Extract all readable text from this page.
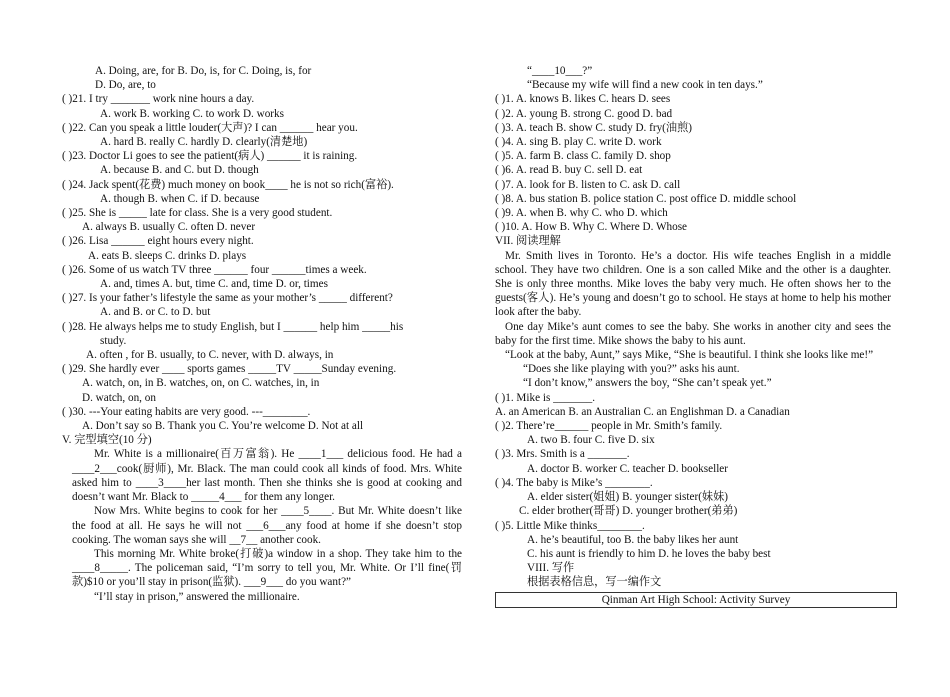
A. Doing, are, for B. Do, is, for C. Doing, is, for
D. Do, are, to
( )21. I try _______ work nine hours a day.
A. work B. working C. to work D. works
( )22. Can you speak a little louder(大声)? I can ______ hear you.
A. hard B. really C. hardly D. clearly(清楚地)
( )23. Doctor Li goes to see the patient(病人) ______ it is raining.
A. because B. and C. but D. though
( )24. Jack spent(花费) much money on book____ he is not so rich(富裕).
A. though B. when C. if D. because
( )25. She is _____ late for class. She is a very good student.
A. always B. usually C. often D. never
( )26. Lisa ______ eight hours every night.
A. eats B. sleeps C. drinks D. plays
( )26. Some of us watch TV three ______ four ______times a week.
A. and, times A. but, time C. and, time D. or, times
( )27. Is your father’s lifestyle the same as your mother’s _____ different?
A. and B. or C. to D. but
( )28. He always helps me to study English, but I ______ help him _____his
study.
A. often , for B. usually, to C. never, with D. always, in
( )29. She hardly ever ____ sports games _____TV _____Sunday evening.
A. watch, on, in B. watches, on, on C. watches, in, in
D. watch, on, on
( )30. ---Your eating habits are very good. ---________.
A. Don’t say so B. Thank you C. You’re welcome D. Not at all
V. 完型填空(10 分)
Mr. White is a millionaire(百万富翁). He ____1___ delicious food. He had a ____2___cook(厨师), Mr. Black. The man could cook all kinds of food. Mrs. White asked him to ____3____her last month. Then she thinks she is good at cooking and doesn’t want Mr. Black to _____4___ for them any longer.
Now Mrs. White begins to cook for her ____5____. But Mr. White doesn’t like the food at all. He says he will not ___6___any food at home if she doesn’t stop cooking. The woman says she will __7__ another cook.
This morning Mr. White broke(打破)a window in a shop. They take him to the ____8_____. The policeman said, “I’m sorry to tell you, Mr. White. Or I’ll fine(罚款)$10 or you’ll stay in prison(监狱). ___9___ do you want?”
“I’ll stay in prison,” answered the millionaire.
“____10___?”
“Because my wife will find a new cook in ten days.”
( )1. A. knows B. likes C. hears D. sees
( )2. A. young B. strong C. good D. bad
( )3. A. teach B. show C. study D. fry(油煎)
( )4. A. sing B. play C. write D. work
( )5. A. farm B. class C. family D. shop
( )6. A. read B. buy C. sell D. eat
( )7. A. look for B. listen to C. ask D. call
( )8. A. bus station B. police station C. post office D. middle school
( )9. A. when B. why C. who D. which
( )10. A. How B. Why C. Where D. Whose
VII. 阅读理解
Mr. Smith lives in Toronto. He’s a doctor. His wife teaches English in a middle school. They have two children. One is a son called Mike and the other is a daughter. She is only three months. Mike loves the baby very much. He often shows her to the guests(客人). He’s young and doesn’t go to school. He stays at home to help his mother look after the baby.
One day Mike’s aunt comes to see the baby. She works in another city and sees the baby for the first time. Mike shows the baby to his aunt.
“Look at the baby, Aunt,” says Mike, “She is beautiful. I think she looks like me!”
“Does she like playing with you?” asks his aunt.
“I don’t know,” answers the boy, “She can’t speak yet.”
( )1. Mike is _______.
A. an American B. an Australian C. an Englishman D. a Canadian
( )2. There’re______ people in Mr. Smith’s family.
A. two B. four C. five D. six
( )3. Mrs. Smith is a _______.
A. doctor B. worker C. teacher D. bookseller
( )4. The baby is Mike’s ________.
A. elder sister(姐姐) B. younger sister(妹妹)
C. elder brother(哥哥) D. younger brother(弟弟)
( )5. Little Mike thinks________.
A. he’s beautiful, too B. the baby likes her aunt
C. his aunt is friendly to him D. he loves the baby best
VIII. 写作
根据表格信息，写一编作文
Qinman Art High School: Activity Survey
